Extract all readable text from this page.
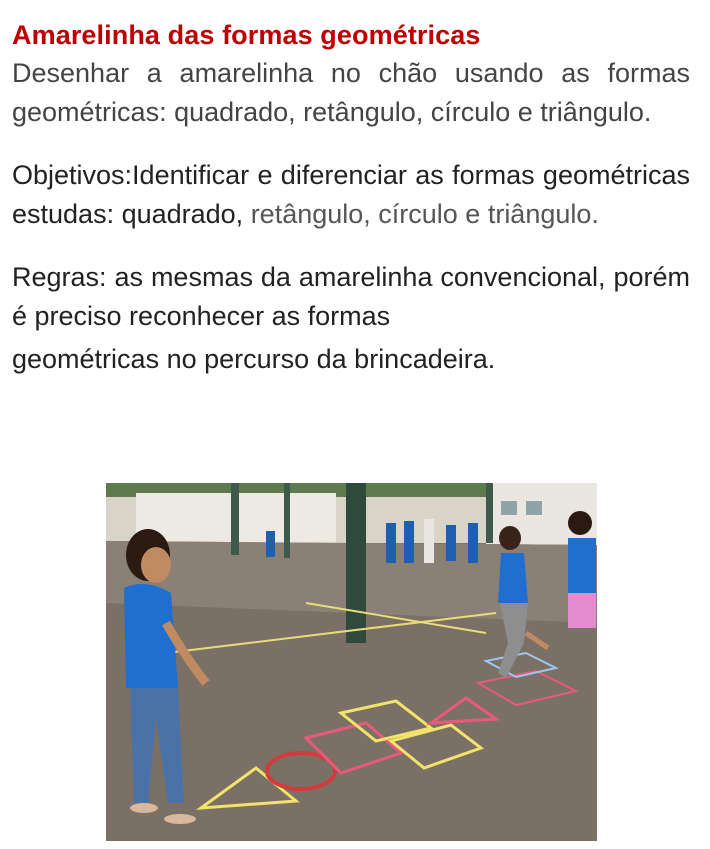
Amarelinha das formas geométricas

Desenhar a amarelinha no chão usando as formas geométricas: quadrado, retângulo, círculo e triângulo.

Objetivos:Identificar e diferenciar as formas geométricas estudas: quadrado, retângulo, círculo e triângulo.

Regras: as mesmas da amarelinha convencional, porém é preciso reconhecer as formas

geométricas no percurso da brincadeira.
